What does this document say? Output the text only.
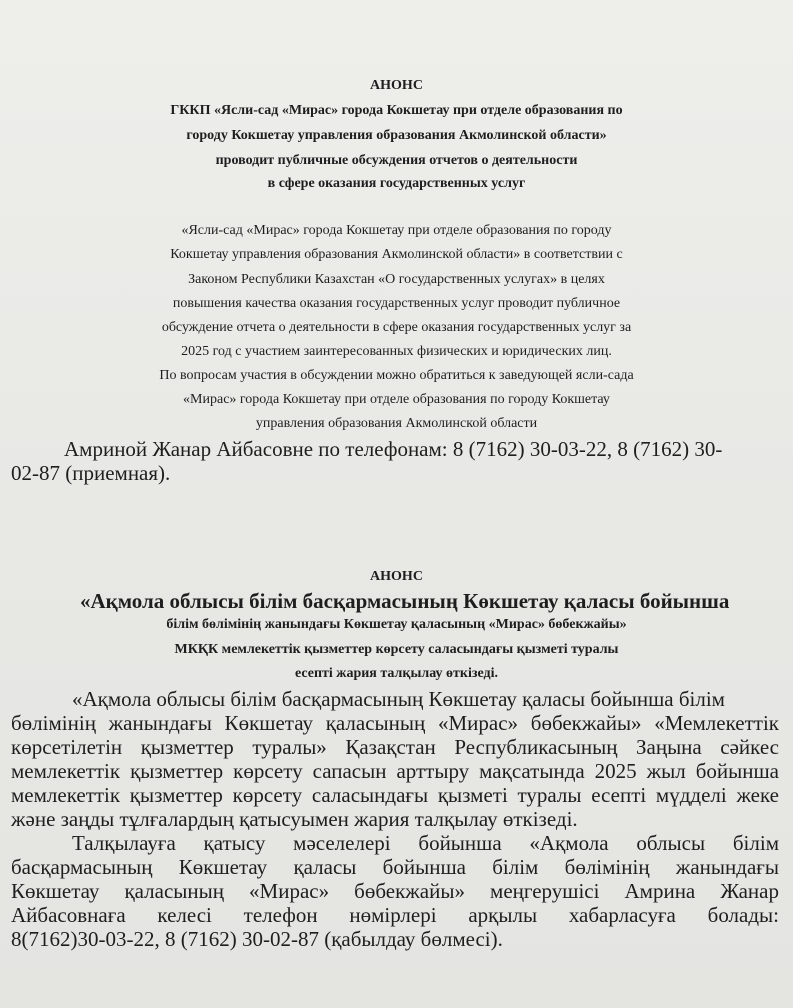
АНОНС
ГККП «Ясли-сад «Мирас» города Кокшетау при отделе образования по
городу Кокшетау управления образования Акмолинской области»
проводит публичные обсуждения отчетов о деятельности
в сфере оказания государственных услуг
«Ясли-сад «Мирас» города Кокшетау при отделе образования по городу
Кокшетау управления образования Акмолинской области» в соответствии с
Законом Республики Казахстан «О государственных услугах» в целях
повышения качества оказания государственных услуг проводит публичное
обсуждение отчета о деятельности в сфере оказания государственных услуг за
2025 год с участием заинтересованных физических и юридических лиц.
По вопросам участия в обсуждении можно обратиться к заведующей ясли-сада
«Мирас» города Кокшетау при отделе образования по городу Кокшетау
управления образования Акмолинской области
Амриной Жанар Айбасовне по телефонам: 8 (7162) 30-03-22, 8 (7162) 30-
02-87 (приемная).
АНОНС
«Ақмола облысы білім басқармасының Көкшетау қаласы бойынша
білім бөлімінің жанындағы Көкшетау қаласының «Мирас» бөбекжайы»
МКҚК мемлекеттік қызметтер көрсету саласындағы қызметі туралы
есепті жария талқылау өткізеді.
«Ақмола облысы білім басқармасының Көкшетау қаласы бойынша білім
бөлімінің жанындағы Көкшетау қаласының «Мирас» бөбекжайы» «Мемлекеттік
көрсетілетін қызметтер туралы» Қазақстан Республикасының Заңына сәйкес
мемлекеттік қызметтер көрсету сапасын арттыру мақсатында 2025 жыл бойынша
мемлекеттік қызметтер көрсету саласындағы қызметі туралы есепті мүдделі жеке
және заңды тұлғалардың қатысуымен жария талқылау өткізеді.
Талқылауға қатысу мәселелері бойынша «Ақмола облысы білім
басқармасының Көкшетау қаласы бойынша білім бөлімінің жанындағы
Көкшетау қаласының «Мирас» бөбекжайы» меңгерушісі Амрина Жанар
Айбасовнаға келесі телефон нөмірлері арқылы хабарласуға болады:
8(7162)30-03-22, 8 (7162) 30-02-87 (қабылдау бөлмесі).
